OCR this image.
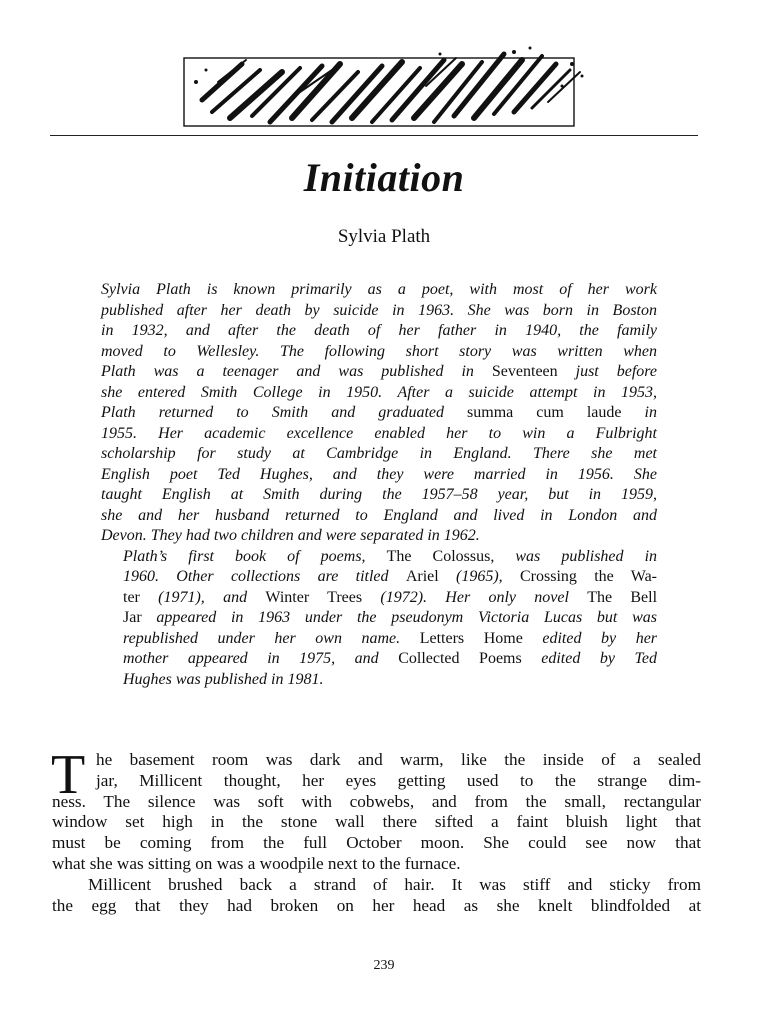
Initiation
Sylvia Plath

Sylvia Plath is known primarily as a poet, with most of her work
published after her death by suicide in 1963. She was born in Boston
in 1932, and after the death of her father in 1940, the family
moved to Wellesley. The following short story was written when
Plath was a teenager and was published in Seventeen just before
she entered Smith College in 1950. After a suicide attempt in 1953,
Plath returned to Smith and graduated summa cum laude in
1955. Her academic excellence enabled her to win a Fulbright
scholarship for study at Cambridge in England. There she met
English poet Ted Hughes, and they were married in 1956. She
taught English at Smith during the 1957–58 year, but in 1959,
she and her husband returned to England and lived in London and
Devon. They had two children and were separated in 1962.

Plath’s first book of poems, The Colossus, was published in
1960. Other collections are titled Ariel (1965), Crossing the Wa-
ter (1971), and Winter Trees (1972). Her only novel The Bell
Jar appeared in 1963 under the pseudonym Victoria Lucas but was
republished under her own name. Letters Home edited by her
mother appeared in 1975, and Collected Poems edited by Ted
Hughes was published in 1981.

T he basement room was dark and warm, like the inside of a sealed
jar, Millicent thought, her eyes getting used to the strange dim-
ness. The silence was soft with cobwebs, and from the small, rectangular
window set high in the stone wall there sifted a faint bluish light that
must be coming from the full October moon. She could see now that
what she was sitting on was a woodpile next to the furnace.
Millicent brushed back a strand of hair. It was stiff and sticky from
the egg that they had broken on her head as she knelt blindfolded at
239
